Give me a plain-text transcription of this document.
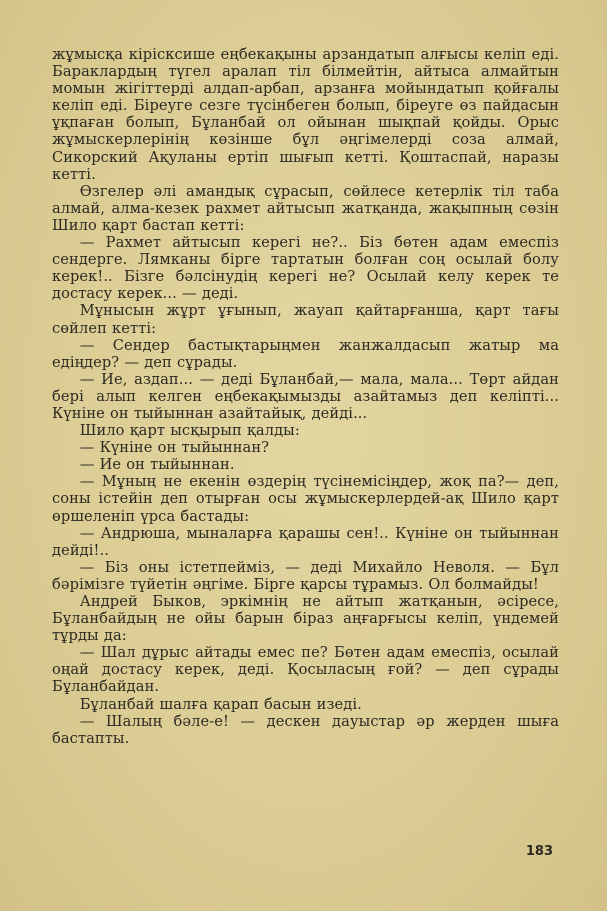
жұмысқа кірісксише еңбекақыны арзандатып алғысы келіп еді. Бараклардың түгел аралап тіл білмейтін, айтыса алмайтын момын жігіттерді алдап-арбап, арзанға мойындатып қойғалы келіп еді. Біреуге сезге түсінбеген болып, біреуге өз пайдасын ұқпаған болып, Бұланбай ол ойынан шықпай қойды. Орыс жұмыскерлерінің көзінше бұл әңгімелерді соза алмай, Сикорский Ақуланы ертіп шығып кетті. Қоштаспай, наразы кетті.

Өзгелер әлі амандық сұрасып, сөйлесе кетерлік тіл таба алмай, алма-кезек рахмет айтысып жатқанда, жақыпның сөзін Шило қарт бастап кетті:

— Рахмет айтысып керегі не?.. Біз бөтен адам емеспіз сендерге. Лямканы бірге тартатын болған соң осылай болу керек!.. Бізге бәлсінудің керегі не? Осылай келу керек те достасу керек... — деді.

Мұнысын жұрт ұғынып, жауап қайтарғанша, қарт тағы сөйлеп кетті:

— Сендер бастықтарыңмен жанжалдасып жатыр ма едіңдер? — деп сұрады.

— Ие, аздап... — деді Бұланбай,— мала, мала... Төрт айдан бері алып келген еңбекақымызды азайтамыз деп келіпті... Күніне он тыйыннан азайтайық, дейді...

Шило қарт ысқырып қалды:

— Күніне он тыйыннан?

— Ие он тыйыннан.

— Мұның не екенін өздерің түсінемісіңдер, жоқ па?— деп, соны істейін деп отырған осы жұмыскерлердей-ақ Шило қарт өршеленіп үрса бастады:

— Андрюша, мыналарға қарашы сен!.. Күніне он тыйыннан дейді!..

— Біз оны істетпейміз, — деді Михайло Неволя. — Бұл бәрімізге түйетін әңгіме. Бірге қарсы тұрамыз. Ол болмайды!

Андрей Быков, эркімнің не айтып жатқанын, әсіресе, Бұланбайдың не ойы барын біраз аңғарғысы келіп, үндемей тұрды да:

— Шал дұрыс айтады емес пе? Бөтен адам емеспіз, осылай оңай достасу керек, деді. Қосыласың ғой? — деп сұрады Бұланбайдан.

Бұланбай шалға қарап басын изеді.

— Шалың бәле-е! — дескен дауыстар әр жерден шыға бастапты.

183
